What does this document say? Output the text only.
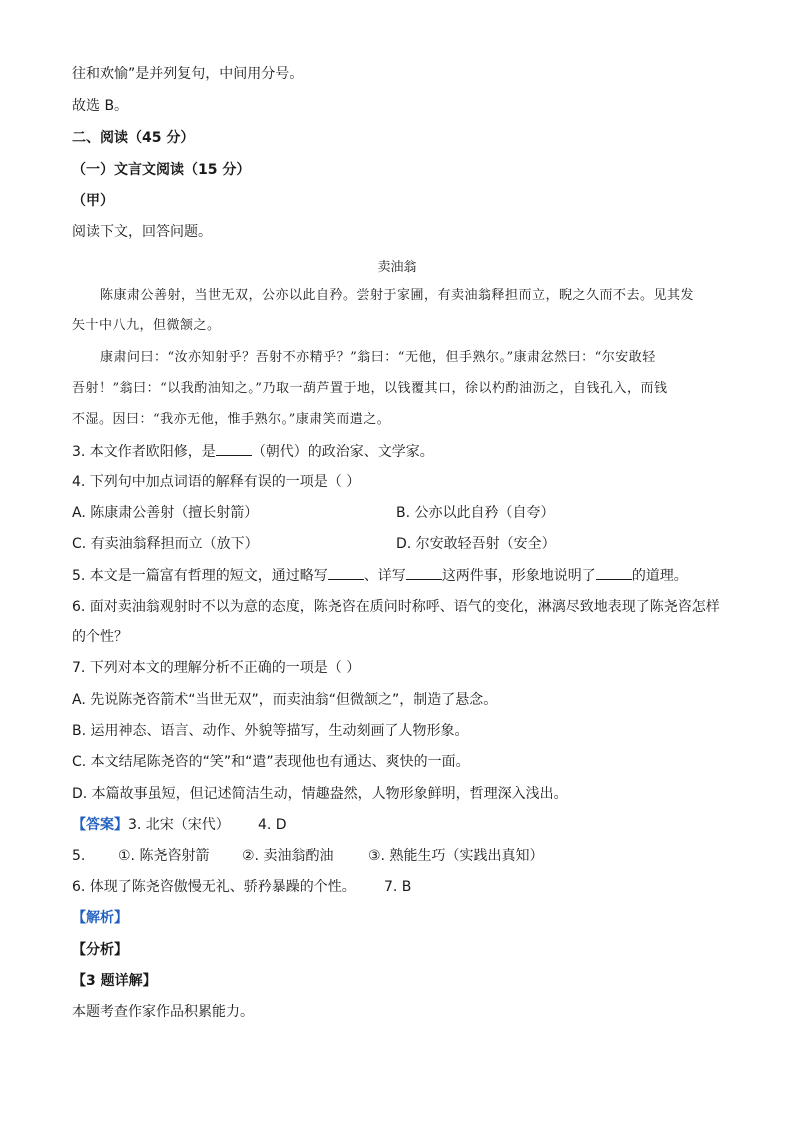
往和欢愉”是并列复句，中间用分号。
故选 B。
二、阅读（45 分）
（一）文言文阅读（15 分）
（甲）
阅读下文，回答问题。
卖油翁
陈康肃公善射，当世无双，公亦以此自矜。尝射于家圃，有卖油翁释担而立，睨之久而不去。见其发
矢十中八九，但微颔之。
康肃问曰：“汝亦知射乎？吾射不亦精乎？”翁曰：“无他，但手熟尔。”康肃忿然曰：“尔安敢轻
吾射！”翁曰：“以我酌油知之。”乃取一葫芦置于地，以钱覆其口，徐以杓酌油沥之，自钱孔入，而钱
不湿。因曰：“我亦无他，惟手熟尔。”康肃笑而遣之。
3. 本文作者欧阳修，是	（朝代）的政治家、文学家。
4. 下列句中加点词语的解释有误的一项是（ ）
A. 陈康肃公善射（擅长射箭）	B. 公亦以此自矜（自夸）
C. 有卖油翁释担而立（放下）	D. 尔安敢轻吾射（安全）
5. 本文是一篇富有哲理的短文，通过略写	、详写	这两件事，形象地说明了	的道理。
6. 面对卖油翁观射时不以为意的态度，陈尧咨在质问时称呼、语气的变化，淋漓尽致地表现了陈尧咨怎样
的个性？
7. 下列对本文的理解分析不正确的一项是（ ）
A. 先说陈尧咨箭术“当世无双”，而卖油翁“但微颔之”，制造了悬念。
B. 运用神态、语言、动作、外貌等描写，生动刻画了人物形象。
C. 本文结尾陈尧咨的“笑”和“遣”表现他也有通达、爽快的一面。
D. 本篇故事虽短，但记述简洁生动，情趣盎然，人物形象鲜明，哲理深入浅出。
【答案】3. 北宋（宋代） 4. D
5. ①. 陈尧咨射箭 ②. 卖油翁酌油 ③. 熟能生巧（实践出真知）
6. 体现了陈尧咨傲慢无礼、骄矜暴躁的个性。 7. B
【解析】
【分析】
【3 题详解】
本题考查作家作品积累能力。
